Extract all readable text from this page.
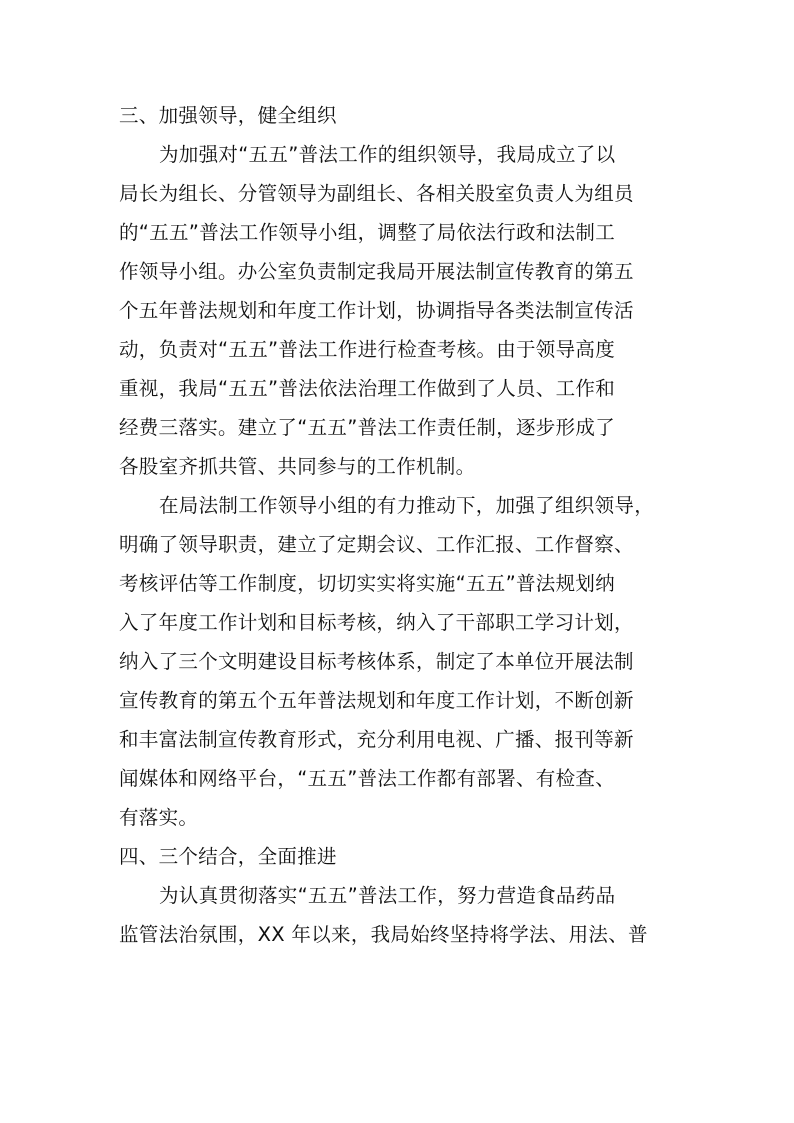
三、加强领导，健全组织
为加强对“五五”普法工作的组织领导，我局成立了以
局长为组长、分管领导为副组长、各相关股室负责人为组员
的“五五”普法工作领导小组，调整了局依法行政和法制工
作领导小组。办公室负责制定我局开展法制宣传教育的第五
个五年普法规划和年度工作计划，协调指导各类法制宣传活
动，负责对“五五”普法工作进行检查考核。由于领导高度
重视，我局“五五”普法依法治理工作做到了人员、工作和
经费三落实。建立了“五五”普法工作责任制，逐步形成了
各股室齐抓共管、共同参与的工作机制。
在局法制工作领导小组的有力推动下，加强了组织领导，
明确了领导职责，建立了定期会议、工作汇报、工作督察、
考核评估等工作制度，切切实实将实施“五五”普法规划纳
入了年度工作计划和目标考核，纳入了干部职工学习计划，
纳入了三个文明建设目标考核体系，制定了本单位开展法制
宣传教育的第五个五年普法规划和年度工作计划，不断创新
和丰富法制宣传教育形式，充分利用电视、广播、报刊等新
闻媒体和网络平台，“五五”普法工作都有部署、有检查、
有落实。
四、三个结合，全面推进
为认真贯彻落实“五五”普法工作，努力营造食品药品
监管法治氛围，XX 年以来，我局始终坚持将学法、用法、普
